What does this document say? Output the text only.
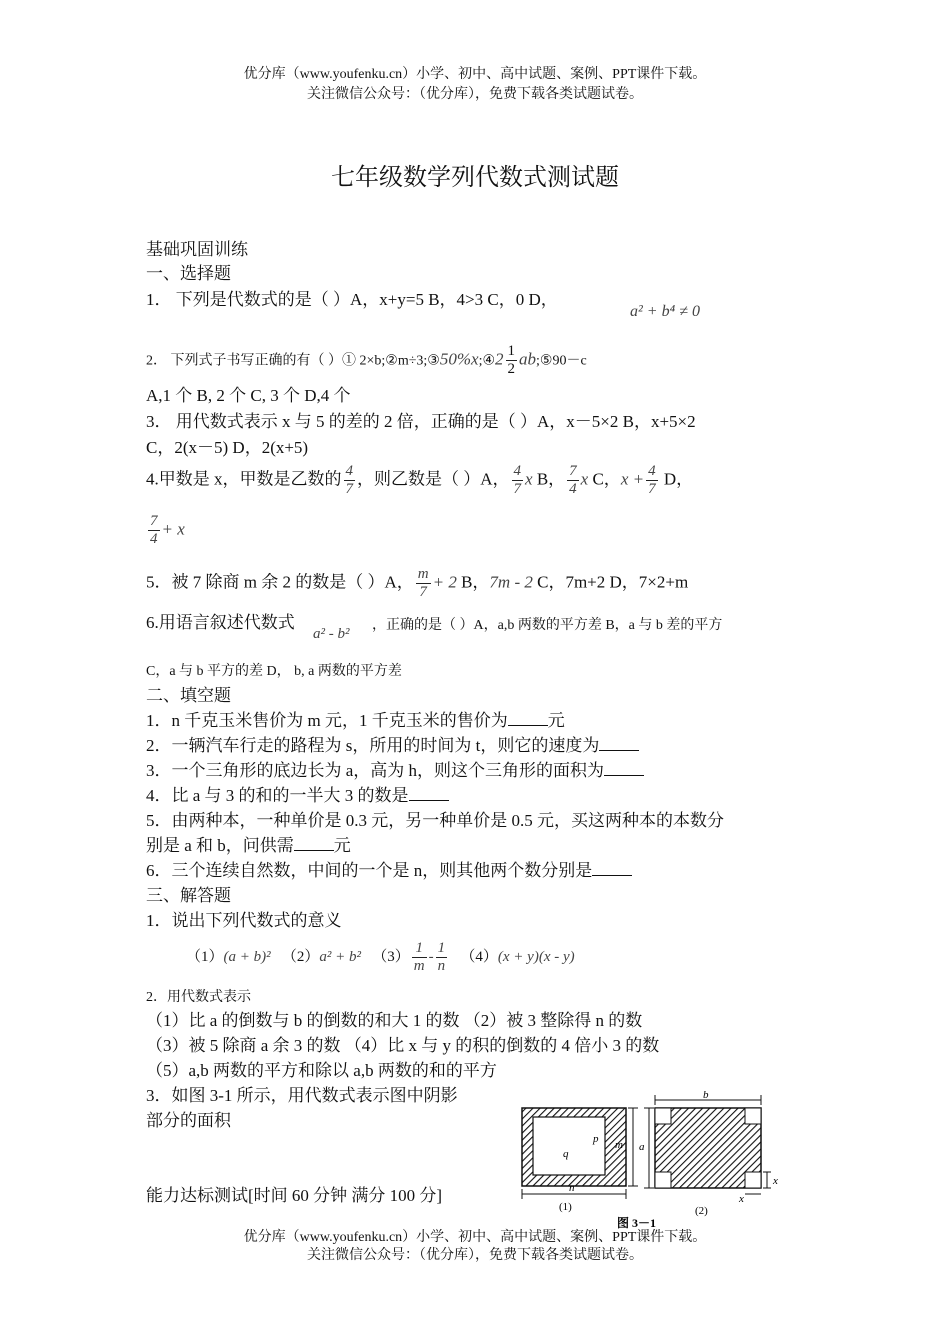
优分库（www.youfenku.cn）小学、初中、高中试题、案例、PPT课件下载。
关注微信公众号：（优分库），免费下载各类试题试卷。
七年级数学列代数式测试题
基础巩固训练
一、选择题
1． 下列是代数式的是（ ）A，x+y=5 B，4>3 C，0 D，
a² + b⁴ ≠ 0
2． 下列式子书写正确的有（ ）① 2×b;②m÷3;③50%x;④2 $\frac{1}{2}$ ab;⑤90－c
A,1 个 B, 2 个 C, 3 个 D,4 个
3． 用代数式表示 x 与 5 的差的 2 倍，正确的是（ ）A，x－5×2 B，x+5×2
C，2(x－5) D，2(x+5)
4.甲数是 x，甲数是乙数的 $\frac{4}{7}$ ，则乙数是（ ）A， $\frac{4}{7}$ x B， $\frac{7}{4}$ x C，$x + \frac{4}{7}$ D，
$\frac{7}{4} + x$
5．被 7 除商 m 余 2 的数是（ ）A， $\frac{m}{7} + 2$ B，7m - 2 C，7m+2 D，7×2+m
6.用语言叙述代数式
a² - b²
，正确的是（ ）A，a,b 两数的平方差 B，a 与 b 差的平方
C，a 与 b 平方的差 D， b, a 两数的平方差
二、填空题
1．n 千克玉米售价为 m 元，1 千克玉米的售价为 元
2．一辆汽车行走的路程为 s，所用的时间为 t，则它的速度为
3．一个三角形的底边长为 a，高为 h，则这个三角形的面积为
4．比 a 与 3 的和的一半大 3 的数是
5．由两种本，一种单价是 0.3 元，另一种单价是 0.5 元，买这两种本的本数分
别是 a 和 b，问供需 元
6．三个连续自然数，中间的一个是 n，则其他两个数分别是
三、解答题
1．说出下列代数式的意义
（1）(a + b)² （2）a² + b² $(3) \frac{1}{m} - \frac{1}{n} (4)(x + y)(x - y)$
2．用代数式表示
（1）比 a 的倒数与 b 的倒数的和大 1 的数 （2）被 3 整除得 n 的数
（3）被 5 除商 a 余 3 的数 （4）比 x 与 y 的积的倒数的 4 倍小 3 的数
（5）a,b 两数的平方和除以 a,b 两数的和的平方
3．如图 3-1 所示，用代数式表示图中阴影
部分的面积
能力达标测试[时间 60 分钟 满分 100 分]
p
q
m
n
(1)
b
a
x
x
(2)
图 3－1
优分库（www.youfenku.cn）小学、初中、高中试题、案例、PPT课件下载。
关注微信公众号：（优分库），免费下载各类试题试卷。
